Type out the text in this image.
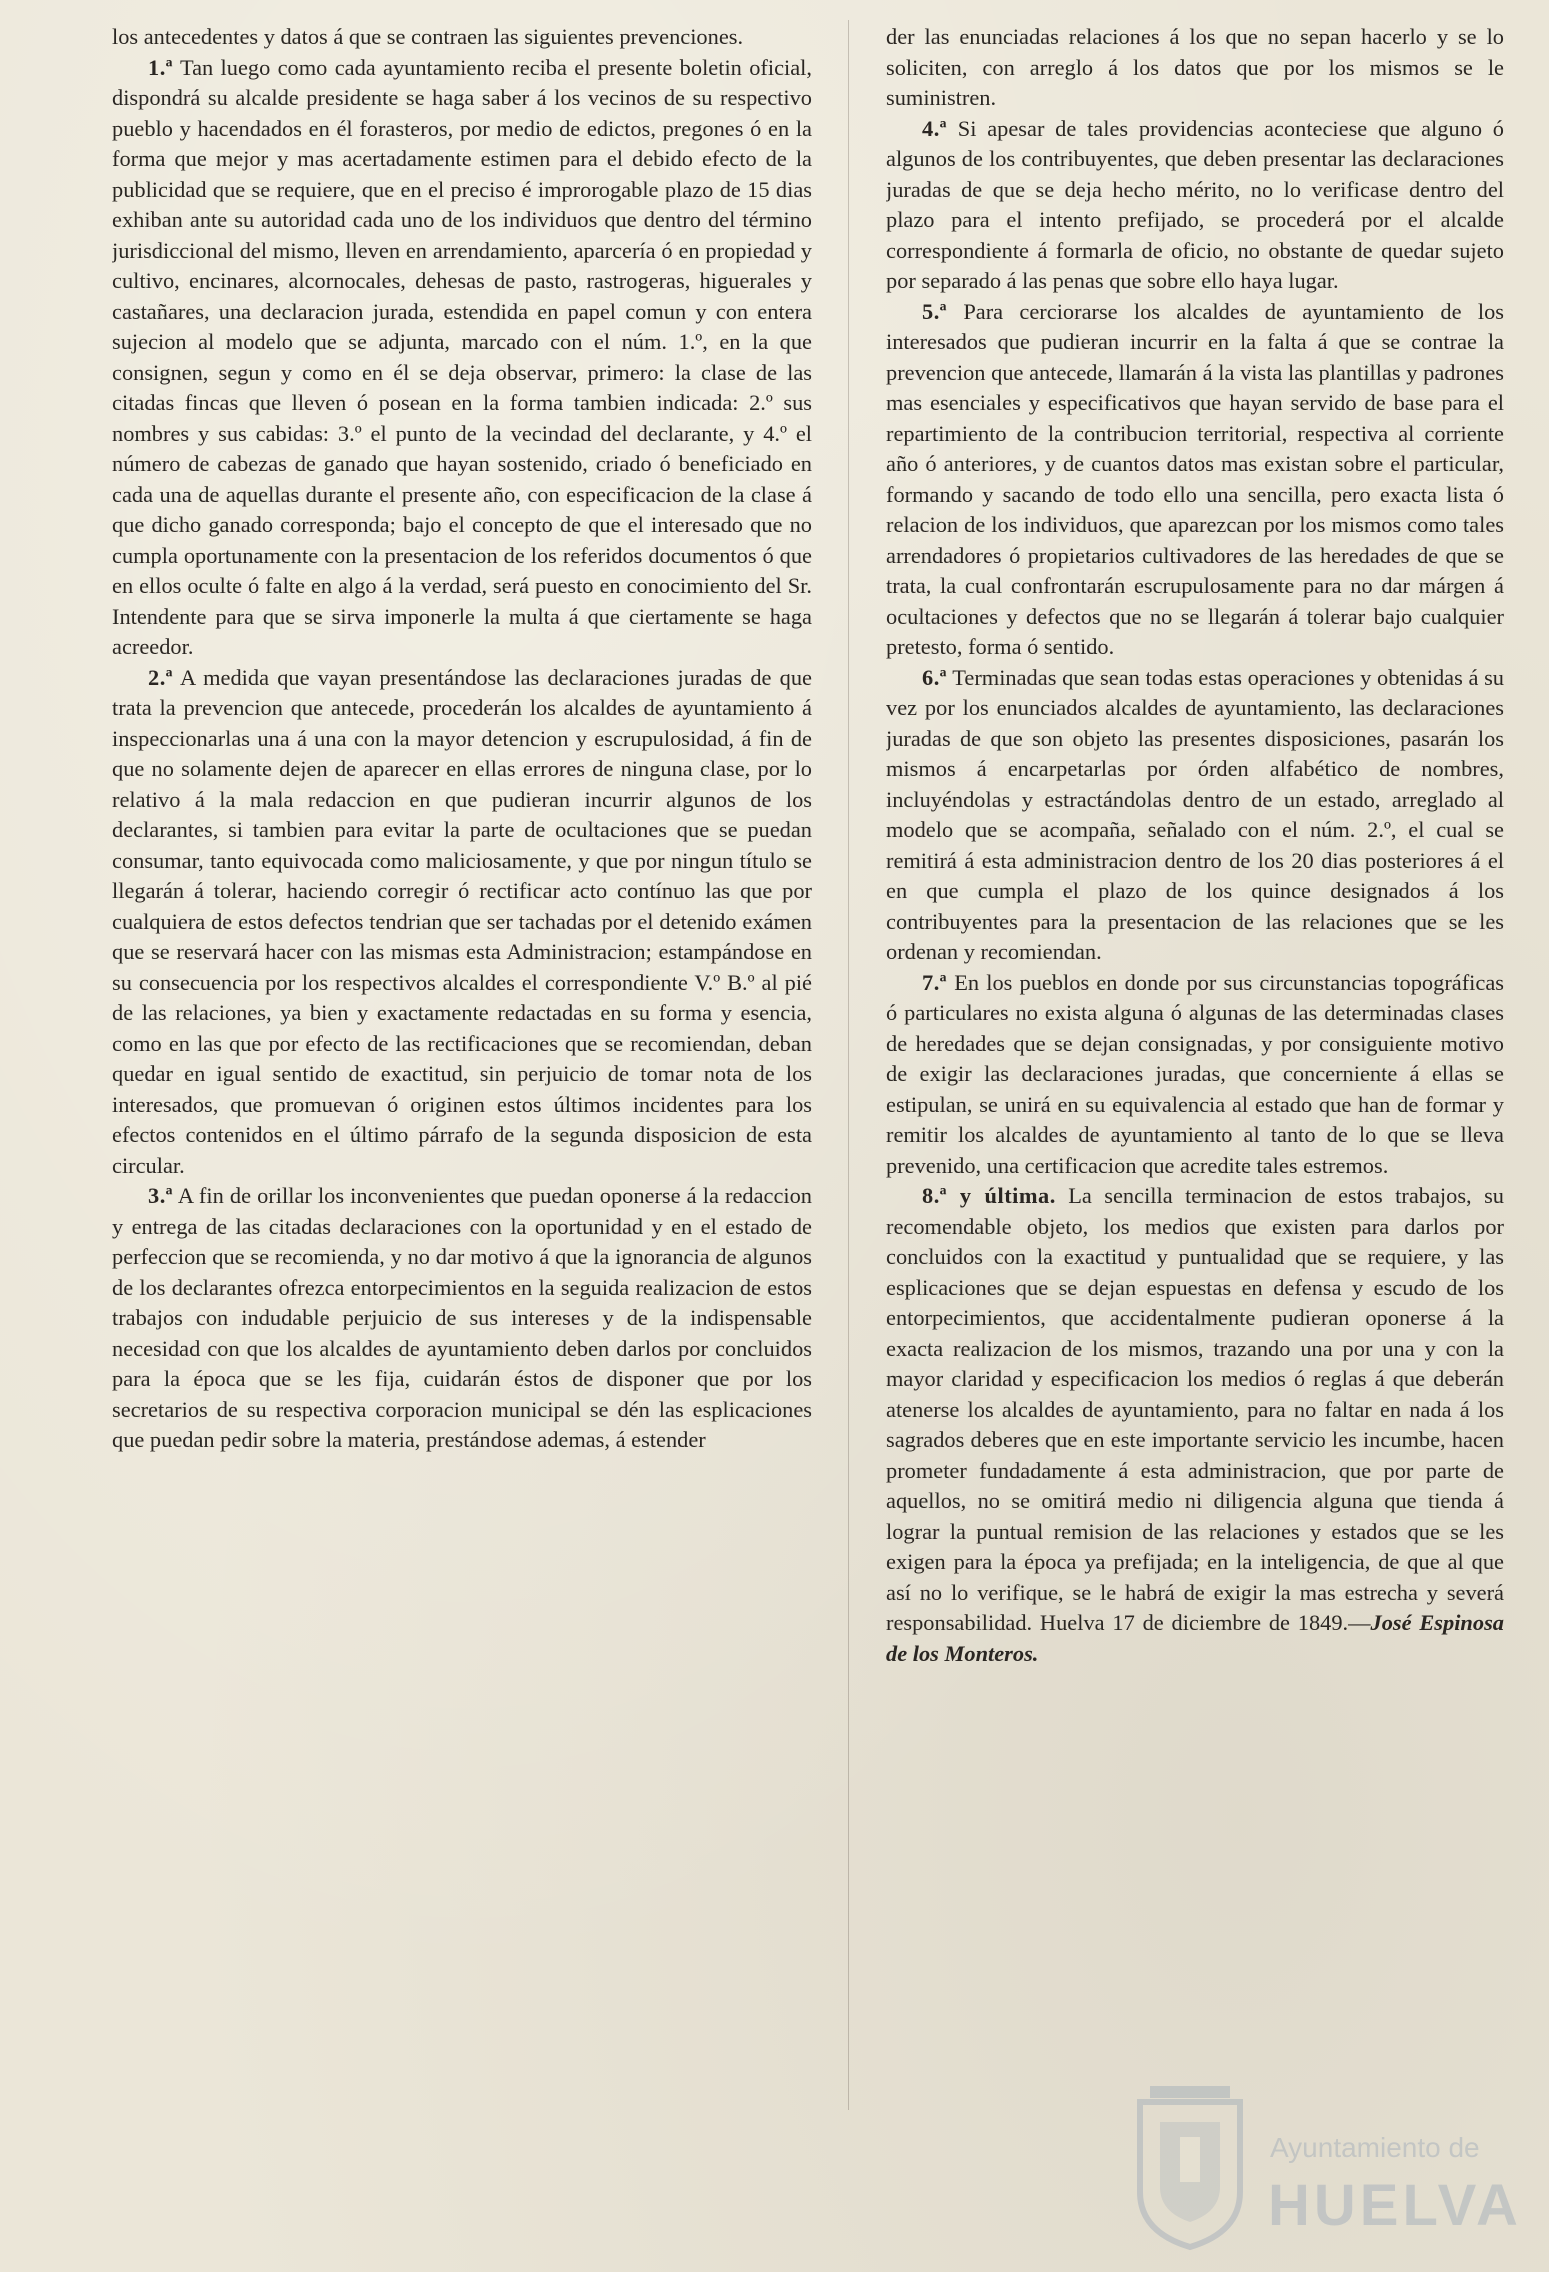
los antecedentes y datos á que se contraen las siguientes prevenciones.

1.ª Tan luego como cada ayuntamiento reciba el presente boletin oficial, dispondrá su alcalde presidente se haga saber á los vecinos de su respectivo pueblo y hacendados en él forasteros, por medio de edictos, pregones ó en la forma que mejor y mas acertadamente estimen para el debido efecto de la publicidad que se requiere, que en el preciso é improrogable plazo de 15 dias exhiban ante su autoridad cada uno de los individuos que dentro del término jurisdiccional del mismo, lleven en arrendamiento, aparcería ó en propiedad y cultivo, encinares, alcornocales, dehesas de pasto, rastrogeras, higuerales y castañares, una declaracion jurada, estendida en papel comun y con entera sujecion al modelo que se adjunta, marcado con el núm. 1.º, en la que consignen, segun y como en él se deja observar, primero: la clase de las citadas fincas que lleven ó posean en la forma tambien indicada: 2.º sus nombres y sus cabidas: 3.º el punto de la vecindad del declarante, y 4.º el número de cabezas de ganado que hayan sostenido, criado ó beneficiado en cada una de aquellas durante el presente año, con especificacion de la clase á que dicho ganado corresponda; bajo el concepto de que el interesado que no cumpla oportunamente con la presentacion de los referidos documentos ó que en ellos oculte ó falte en algo á la verdad, será puesto en conocimiento del Sr. Intendente para que se sirva imponerle la multa á que ciertamente se haga acreedor.

2.ª A medida que vayan presentándose las declaraciones juradas de que trata la prevencion que antecede, procederán los alcaldes de ayuntamiento á inspeccionarlas una á una con la mayor detencion y escrupulosidad, á fin de que no solamente dejen de aparecer en ellas errores de ninguna clase, por lo relativo á la mala redaccion en que pudieran incurrir algunos de los declarantes, si tambien para evitar la parte de ocultaciones que se puedan consumar, tanto equivocada como maliciosamente, y que por ningun título se llegarán á tolerar, haciendo corregir ó rectificar acto contínuo las que por cualquiera de estos defectos tendrian que ser tachadas por el detenido exámen que se reservará hacer con las mismas esta Administracion; estampándose en su consecuencia por los respectivos alcaldes el correspondiente V.º B.º al pié de las relaciones, ya bien y exactamente redactadas en su forma y esencia, como en las que por efecto de las rectificaciones que se recomiendan, deban quedar en igual sentido de exactitud, sin perjuicio de tomar nota de los interesados, que promuevan ó originen estos últimos incidentes para los efectos contenidos en el último párrafo de la segunda disposicion de esta circular.

3.ª A fin de orillar los inconvenientes que puedan oponerse á la redaccion y entrega de las citadas declaraciones con la oportunidad y en el estado de perfeccion que se recomienda, y no dar motivo á que la ignorancia de algunos de los declarantes ofrezca entorpecimientos en la seguida realizacion de estos trabajos con indudable perjuicio de sus intereses y de la indispensable necesidad con que los alcaldes de ayuntamiento deben darlos por concluidos para la época que se les fija, cuidarán éstos de disponer que por los secretarios de su respectiva corporacion municipal se dén las esplicaciones que puedan pedir sobre la materia, prestándose ademas, á estender

der las enunciadas relaciones á los que no sepan hacerlo y se lo soliciten, con arreglo á los datos que por los mismos se le suministren.

4.ª Si apesar de tales providencias aconteciese que alguno ó algunos de los contribuyentes, que deben presentar las declaraciones juradas de que se deja hecho mérito, no lo verificase dentro del plazo para el intento prefijado, se procederá por el alcalde correspondiente á formarla de oficio, no obstante de quedar sujeto por separado á las penas que sobre ello haya lugar.

5.ª Para cerciorarse los alcaldes de ayuntamiento de los interesados que pudieran incurrir en la falta á que se contrae la prevencion que antecede, llamarán á la vista las plantillas y padrones mas esenciales y especificativos que hayan servido de base para el repartimiento de la contribucion territorial, respectiva al corriente año ó anteriores, y de cuantos datos mas existan sobre el particular, formando y sacando de todo ello una sencilla, pero exacta lista ó relacion de los individuos, que aparezcan por los mismos como tales arrendadores ó propietarios cultivadores de las heredades de que se trata, la cual confrontarán escrupulosamente para no dar márgen á ocultaciones y defectos que no se llegarán á tolerar bajo cualquier pretesto, forma ó sentido.

6.ª Terminadas que sean todas estas operaciones y obtenidas á su vez por los enunciados alcaldes de ayuntamiento, las declaraciones juradas de que son objeto las presentes disposiciones, pasarán los mismos á encarpetarlas por órden alfabético de nombres, incluyéndolas y estractándolas dentro de un estado, arreglado al modelo que se acompaña, señalado con el núm. 2.º, el cual se remitirá á esta administracion dentro de los 20 dias posteriores á el en que cumpla el plazo de los quince designados á los contribuyentes para la presentacion de las relaciones que se les ordenan y recomiendan.

7.ª En los pueblos en donde por sus circunstancias topográficas ó particulares no exista alguna ó algunas de las determinadas clases de heredades que se dejan consignadas, y por consiguiente motivo de exigir las declaraciones juradas, que concerniente á ellas se estipulan, se unirá en su equivalencia al estado que han de formar y remitir los alcaldes de ayuntamiento al tanto de lo que se lleva prevenido, una certificacion que acredite tales estremos.

8.ª y última. La sencilla terminacion de estos trabajos, su recomendable objeto, los medios que existen para darlos por concluidos con la exactitud y puntualidad que se requiere, y las esplicaciones que se dejan espuestas en defensa y escudo de los entorpecimientos, que accidentalmente pudieran oponerse á la exacta realizacion de los mismos, trazando una por una y con la mayor claridad y especificacion los medios ó reglas á que deberán atenerse los alcaldes de ayuntamiento, para no faltar en nada á los sagrados deberes que en este importante servicio les incumbe, hacen prometer fundadamente á esta administracion, que por parte de aquellos, no se omitirá medio ni diligencia alguna que tienda á lograr la puntual remision de las relaciones y estados que se les exigen para la época ya prefijada; en la inteligencia, de que al que así no lo verifique, se le habrá de exigir la mas estrecha y severá responsabilidad. Huelva 17 de diciembre de 1849.—José Espinosa de los Monteros.

Ayuntamiento de
HUELVA
